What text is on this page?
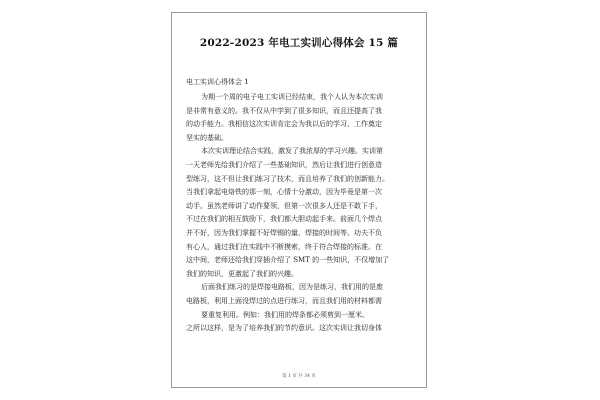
2022-2023 年电工实训心得体会 15 篇
电工实训心得体会 1
为期一个周的电子电工实训已经结束，我个人认为本次实训
是非常有意义的。我不仅从中学到了很多知识，而且还提高了我
的动手能力。我相信这次实训肯定会为我以后的学习、工作奠定
坚实的基础。
本次实训理论结合实践，激发了我浓厚的学习兴趣。实训第
一天老师先给我们介绍了一些基础知识，然后让我们进行创意造
型练习，这不但让我们练习了技术，而且培养了我们的创新能力。
当我们拿起电烙铁的那一刻，心情十分激动，因为毕竟是第一次
动手。虽然老师讲了动作要领，但第一次很多人还是不敢下手，
不过在我们的相互鼓励下，我们都大胆动起手来。前面几个焊点
并不好，因为我们掌握不好焊锡的量、焊接的时间等。功夫不负
有心人，通过我们在实践中不断摸索，终于符合焊接的标准。在
这中间，老师还给我们穿插介绍了 SMT 的一些知识，不仅增加了
我们的知识，更激起了我们的兴趣。
后面我们练习的是焊接电路板，因为是练习，我们用的是废
电路板，利用上面没焊过的点进行练习，而且我们用的材料都需
要重复利用。例如：我们用的焊条都必须剪到一厘米。
之所以这样，是为了培养我们的节约意识。这次实训让我切身体
第 1 页 共 34 页
